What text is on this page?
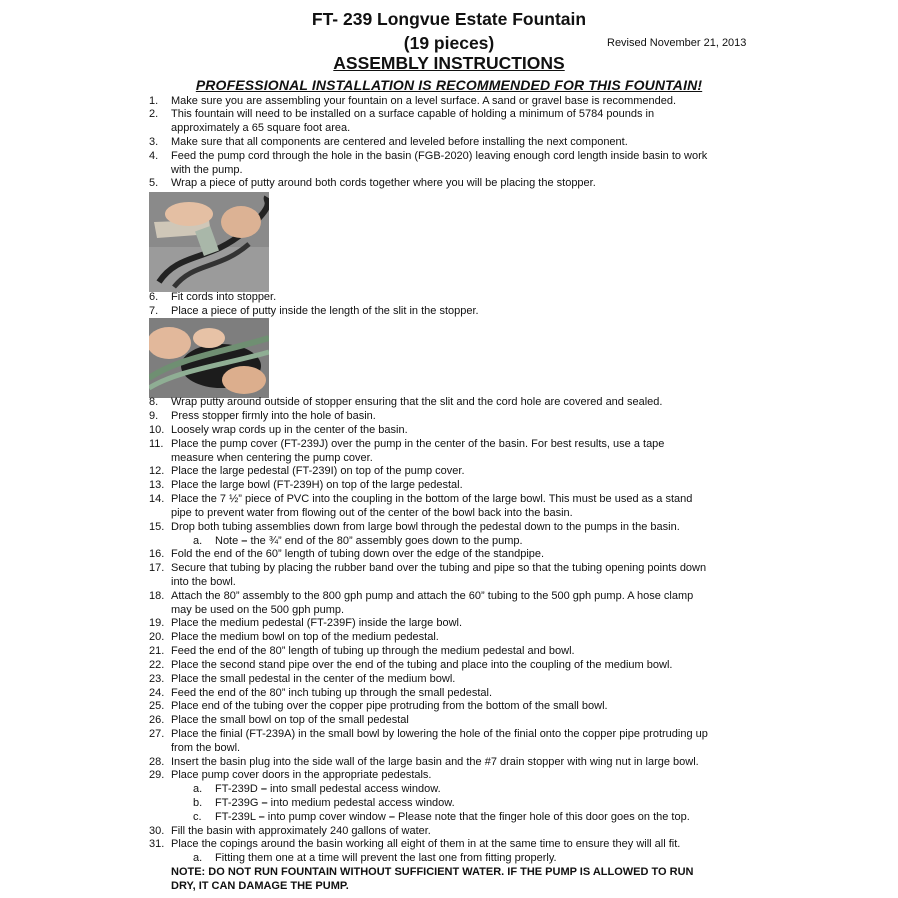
FT- 239 Longvue Estate Fountain
(19 pieces)	Revised November 21, 2013
ASSEMBLY INSTRUCTIONS
PROFESSIONAL INSTALLATION IS RECOMMENDED FOR THIS FOUNTAIN!
1.	Make sure you are assembling your fountain on a level surface. A sand or gravel base is recommended.
2.	This fountain will need to be installed on a surface capable of holding a minimum of 5784 pounds in
approximately a 65 square foot area.
3.	Make sure that all components are centered and leveled before installing the next component.
4.	Feed the pump cord through the hole in the basin (FGB-2020) leaving enough cord length inside basin to work
with the pump.
5.	Wrap a piece of putty around both cords together where you will be placing the stopper.
6.	Fit cords into stopper.
7.	Place a piece of putty inside the length of the slit in the stopper.
8.	Wrap putty around outside of stopper ensuring that the slit and the cord hole are covered and sealed.
9.	Press stopper firmly into the hole of basin.
10. Loosely wrap cords up in the center of the basin.
11. Place the pump cover (FT-239J) over the pump in the center of the basin. For best results, use a tape
measure when centering the pump cover.
12. Place the large pedestal (FT-239I) on top of the pump cover.
13. Place the large bowl (FT-239H) on top of the large pedestal.
14. Place the 7 ½” piece of PVC into the coupling in the bottom of the large bowl. This must be used as a stand
pipe to prevent water from flowing out of the center of the bowl back into the basin.
15. Drop both tubing assemblies down from large bowl through the pedestal down to the pumps in the basin.
a.	Note – the ¾” end of the 80” assembly goes down to the pump.
16. Fold the end of the 60” length of tubing down over the edge of the standpipe.
17. Secure that tubing by placing the rubber band over the tubing and pipe so that the tubing opening points down
into the bowl.
18. Attach the 80” assembly to the 800 gph pump and attach the 60” tubing to the 500 gph pump. A hose clamp
may be used on the 500 gph pump.
19. Place the medium pedestal (FT-239F) inside the large bowl.
20. Place the medium bowl on top of the medium pedestal.
21. Feed the end of the 80” length of tubing up through the medium pedestal and bowl.
22. Place the second stand pipe over the end of the tubing and place into the coupling of the medium bowl.
23. Place the small pedestal in the center of the medium bowl.
24. Feed the end of the 80” inch tubing up through the small pedestal.
25. Place end of the tubing over the copper pipe protruding from the bottom of the small bowl.
26. Place the small bowl on top of the small pedestal
27. Place the finial (FT-239A) in the small bowl by lowering the hole of the finial onto the copper pipe protruding up
from the bowl.
28. Insert the basin plug into the side wall of the large basin and the #7 drain stopper with wing nut in large bowl.
29. Place pump cover doors in the appropriate pedestals.
a.	FT-239D – into small pedestal access window.
b.	FT-239G – into medium pedestal access window.
c.	FT-239L – into pump cover window – Please note that the finger hole of this door goes on the top.
30. Fill the basin with approximately 240 gallons of water.
31. Place the copings around the basin working all eight of them in at the same time to ensure they will all fit.
a.	Fitting them one at a time will prevent the last one from fitting properly.
NOTE: DO NOT RUN FOUNTAIN WITHOUT SUFFICIENT WATER. IF THE PUMP IS ALLOWED TO RUN
DRY, IT CAN DAMAGE THE PUMP.
